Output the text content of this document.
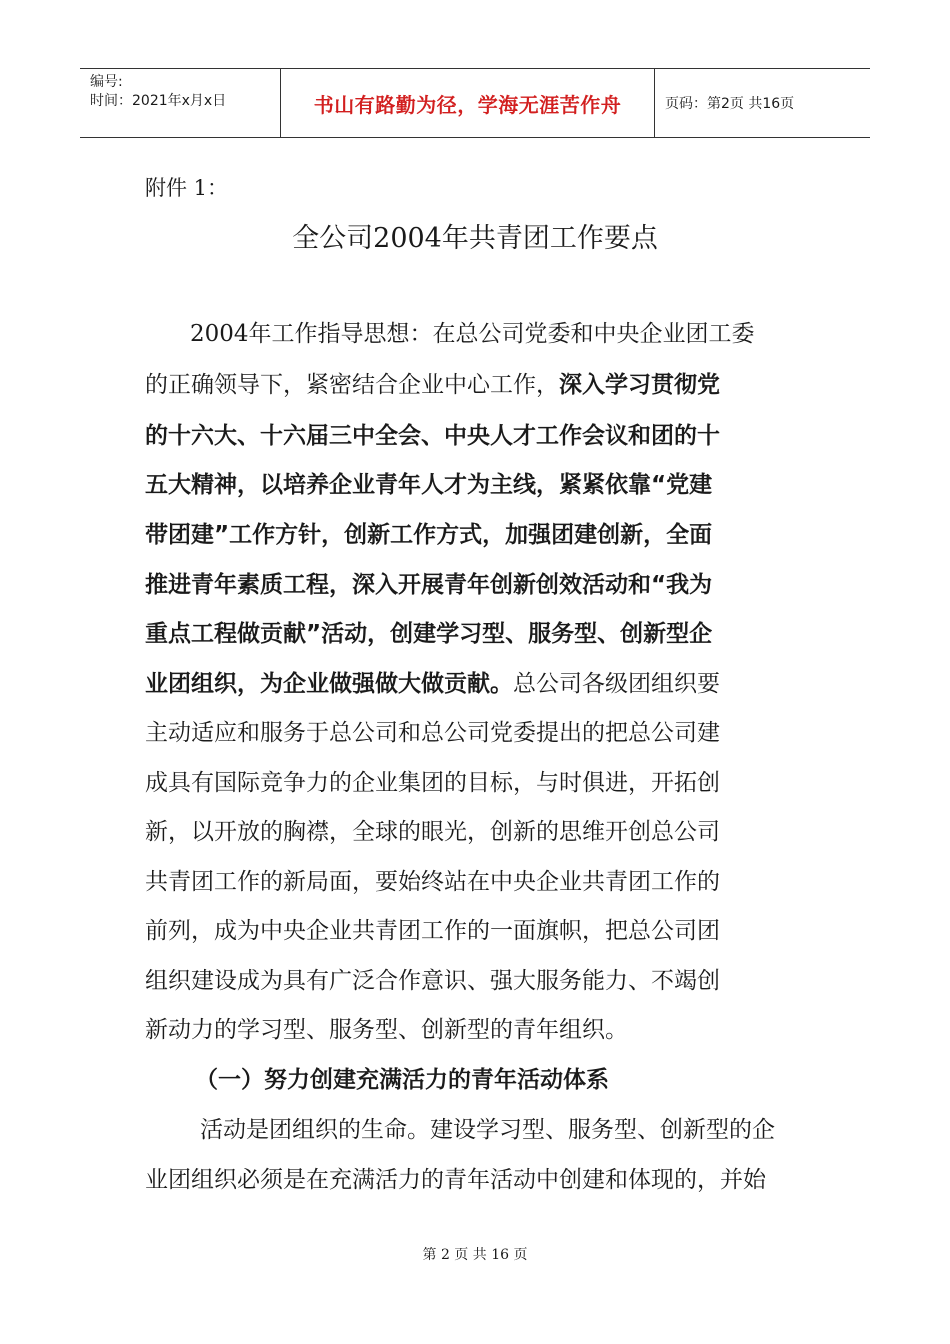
编号:
时间：2021年x月x日	书山有路勤为径，学海无涯苦作舟	页码：第2页 共16页
附件 1：
全公司2004年共青团工作要点
2004年工作指导思想：在总公司党委和中央企业团工委
的正确领导下，紧密结合企业中心工作，深入学习贯彻党
的十六大、十六届三中全会、中央人才工作会议和团的十
五大精神，以培养企业青年人才为主线，紧紧依靠“党建
带团建”工作方针，创新工作方式，加强团建创新，全面
推进青年素质工程，深入开展青年创新创效活动和“我为
重点工程做贡献”活动，创建学习型、服务型、创新型企
业团组织，为企业做强做大做贡献。总公司各级团组织要
主动适应和服务于总公司和总公司党委提出的把总公司建
成具有国际竞争力的企业集团的目标，与时俱进，开拓创
新，以开放的胸襟，全球的眼光，创新的思维开创总公司
共青团工作的新局面，要始终站在中央企业共青团工作的
前列，成为中央企业共青团工作的一面旗帜，把总公司团
组织建设成为具有广泛合作意识、强大服务能力、不竭创
新动力的学习型、服务型、创新型的青年组织。
（一）努力创建充满活力的青年活动体系
活动是团组织的生命。建设学习型、服务型、创新型的企
业团组织必须是在充满活力的青年活动中创建和体现的，并始
第 2 页 共 16 页
